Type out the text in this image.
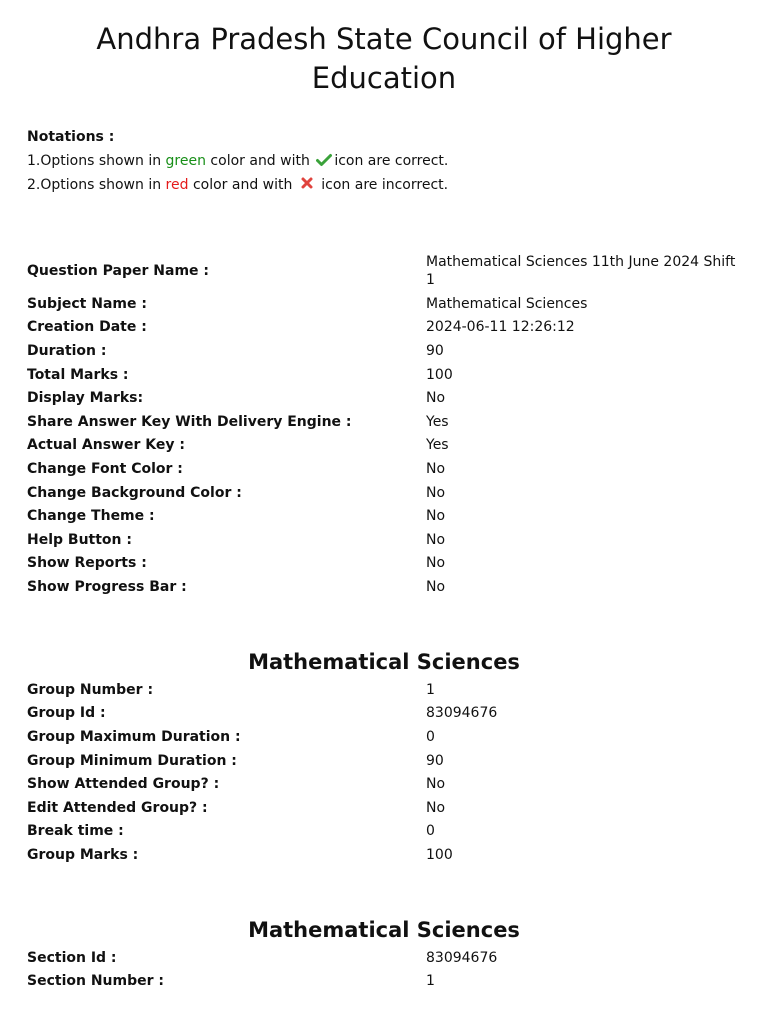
Andhra Pradesh State Council of Higher Education
Notations :
1.Options shown in green color and with icon are correct.
2.Options shown in red color and with  icon are incorrect.
Question Paper Name :	Mathematical Sciences 11th June 2024 Shift 1
Subject Name :	Mathematical Sciences
Creation Date :	2024-06-11 12:26:12
Duration :	90
Total Marks :	100
Display Marks:	No
Share Answer Key With Delivery Engine :	Yes
Actual Answer Key :	Yes
Change Font Color :	No
Change Background Color :	No
Change Theme :	No
Help Button :	No
Show Reports :	No
Show Progress Bar :	No
Mathematical Sciences
Group Number :	1
Group Id :	83094676
Group Maximum Duration :	0
Group Minimum Duration :	90
Show Attended Group? :	No
Edit Attended Group? :	No
Break time :	0
Group Marks :	100
Mathematical Sciences
Section Id :	83094676
Section Number :	1
